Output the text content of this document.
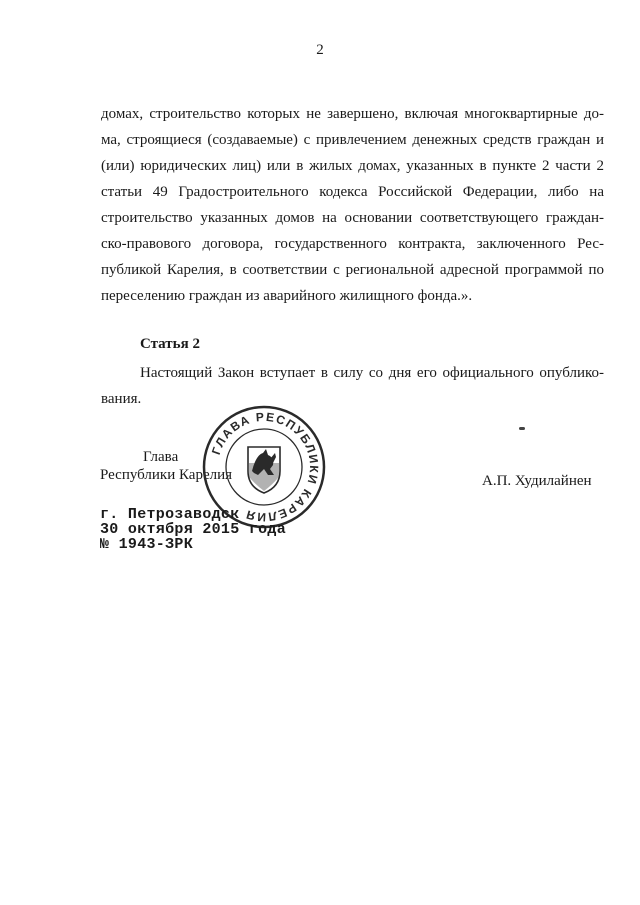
2
домах, строительство которых не завершено, включая многоквартирные до-
ма, строящиеся (создаваемые) с привлечением денежных средств граждан и
(или) юридических лиц) или в жилых домах, указанных в пункте 2 части 2
статьи 49 Градостроительного кодекса Российской Федерации, либо на
строительство указанных домов на основании соответствующего граждан-
ско-правового договора, государственного контракта, заключенного Рес-
публикой Карелия, в соответствии с региональной адресной программой по
переселению граждан из аварийного жилищного фонда.».
Статья 2
Настоящий Закон вступает в силу со дня его официального опублико-
вания.
Глава
Республики Карелия	А.П. Худилайнен
ГЛАВА РЕСПУБЛИКИ КАРЕЛИЯ
г. Петрозаводск
30 октября 2015 года
№ 1943-ЗРК
